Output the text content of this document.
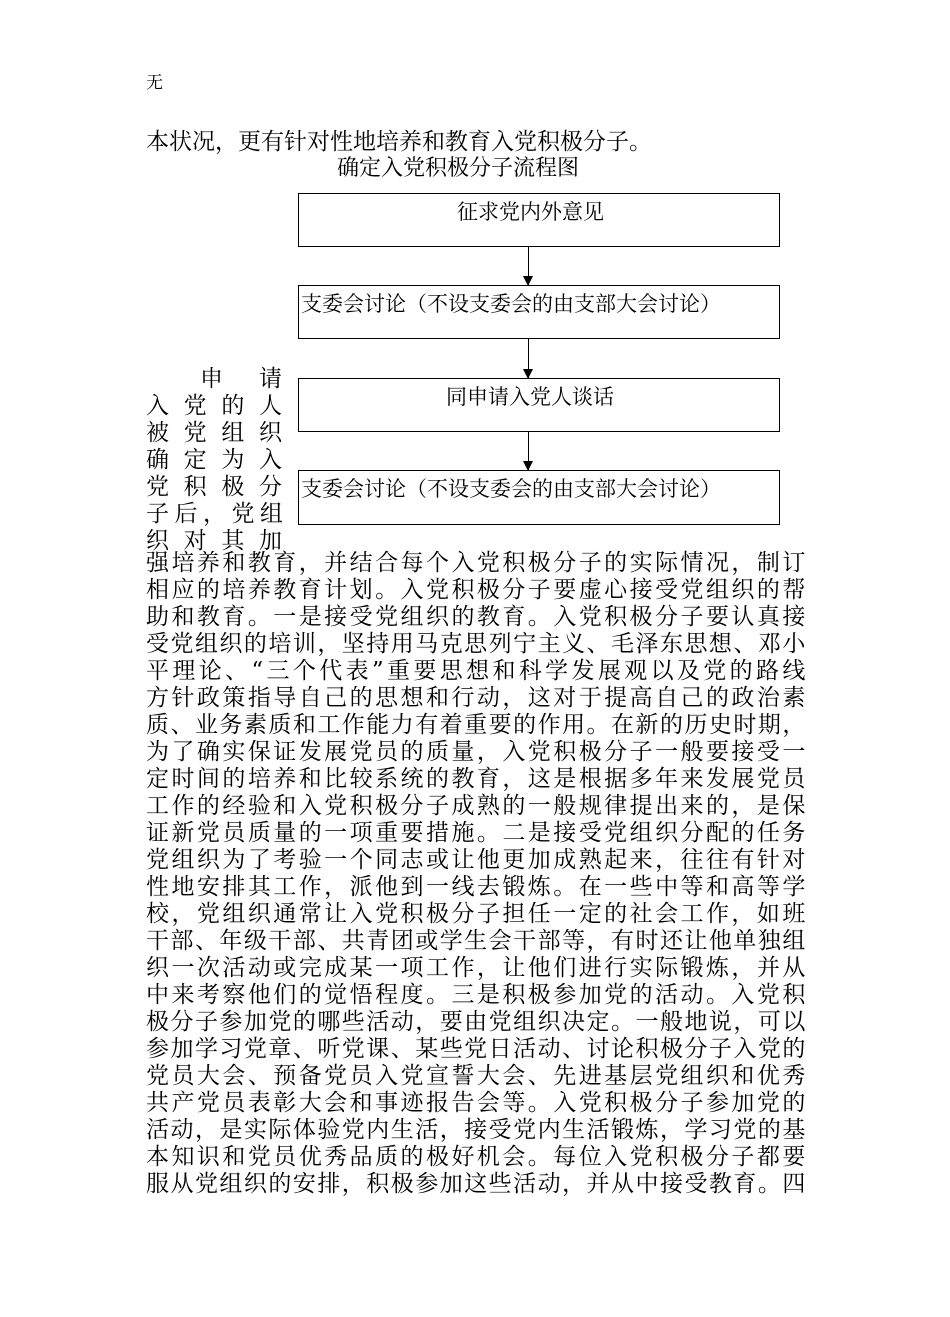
无
本状况，更有针对性地培养和教育入党积极分子。
确定入党积极分子流程图
征求党内外意见
支委会讨论（不设支委会的由支部大会讨论）
同申请入党人谈话
支委会讨论（不设支委会的由支部大会讨论）
申 请
入党的人
被党组织
确定为入
党积极分
子后，党组
织对其加
强培养和教育，并结合每个入党积极分子的实际情况，制订
相应的培养教育计划。入党积极分子要虚心接受党组织的帮
助和教育。一是接受党组织的教育。入党积极分子要认真接
受党组织的培训，坚持用马克思列宁主义、毛泽东思想、邓小
平理论、“三个代表”重要思想和科学发展观以及党的路线
方针政策指导自己的思想和行动，这对于提高自己的政治素
质、业务素质和工作能力有着重要的作用。在新的历史时期，
为了确实保证发展党员的质量，入党积极分子一般要接受一
定时间的培养和比较系统的教育，这是根据多年来发展党员
工作的经验和入党积极分子成熟的一般规律提出来的，是保
证新党员质量的一项重要措施。二是接受党组织分配的任务
党组织为了考验一个同志或让他更加成熟起来，往往有针对
性地安排其工作，派他到一线去锻炼。在一些中等和高等学
校，党组织通常让入党积极分子担任一定的社会工作，如班
干部、年级干部、共青团或学生会干部等，有时还让他单独组
织一次活动或完成某一项工作，让他们进行实际锻炼，并从
中来考察他们的觉悟程度。三是积极参加党的活动。入党积
极分子参加党的哪些活动，要由党组织决定。一般地说，可以
参加学习党章、听党课、某些党日活动、讨论积极分子入党的
党员大会、预备党员入党宣誓大会、先进基层党组织和优秀
共产党员表彰大会和事迹报告会等。入党积极分子参加党的
活动，是实际体验党内生活，接受党内生活锻炼，学习党的基
本知识和党员优秀品质的极好机会。每位入党积极分子都要
服从党组织的安排，积极参加这些活动，并从中接受教育。四
